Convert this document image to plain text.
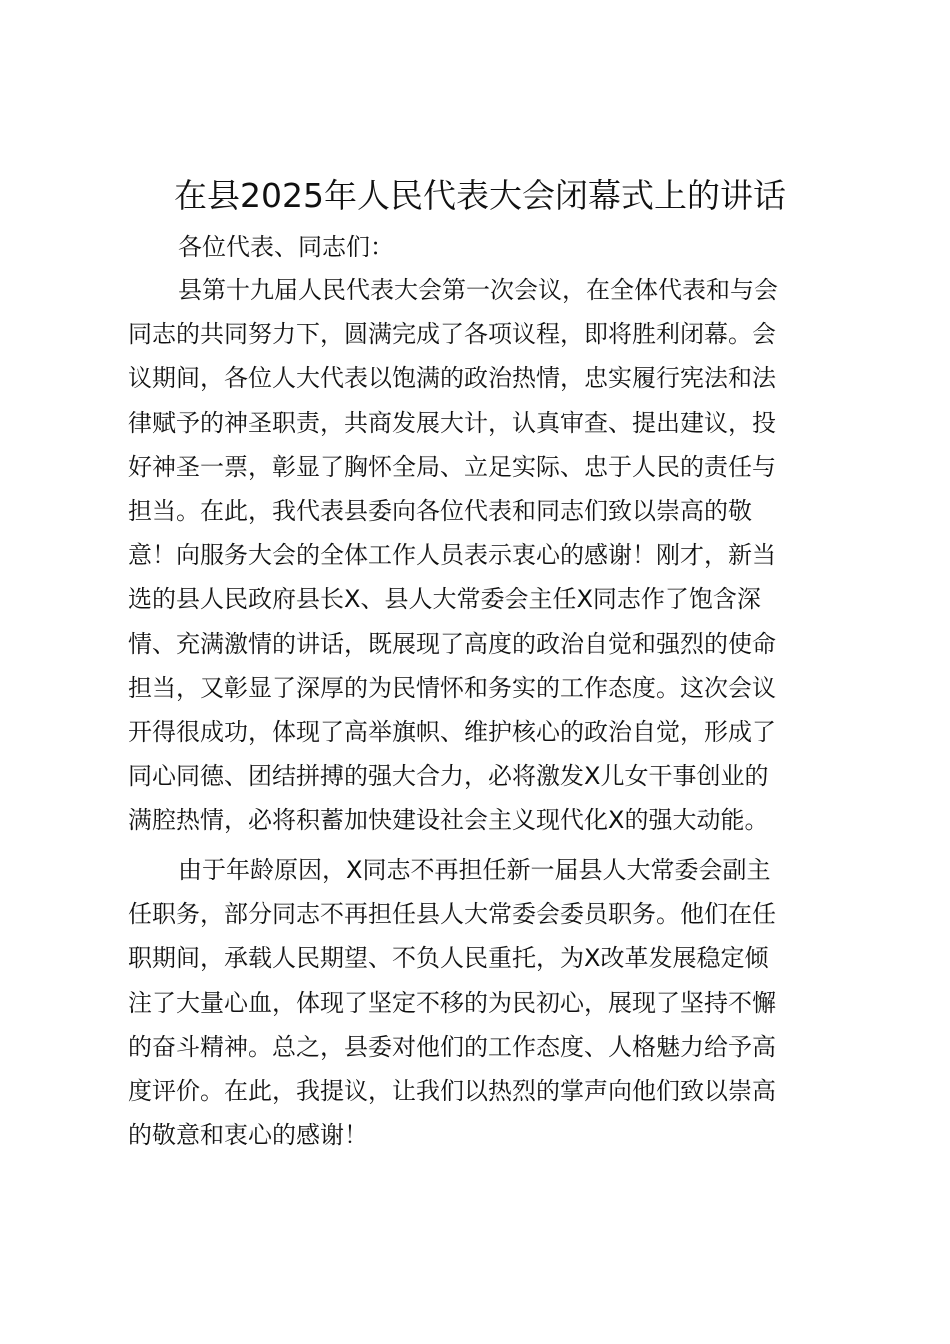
在县2025年人民代表大会闭幕式上的讲话
各位代表、同志们：
县第十九届人民代表大会第一次会议，在全体代表和与会
同志的共同努力下，圆满完成了各项议程，即将胜利闭幕。会
议期间，各位人大代表以饱满的政治热情，忠实履行宪法和法
律赋予的神圣职责，共商发展大计，认真审查、提出建议，投
好神圣一票，彰显了胸怀全局、立足实际、忠于人民的责任与
担当。在此，我代表县委向各位代表和同志们致以崇高的敬
意！向服务大会的全体工作人员表示衷心的感谢！刚才，新当
选的县人民政府县长X、县人大常委会主任X同志作了饱含深
情、充满激情的讲话，既展现了高度的政治自觉和强烈的使命
担当，又彰显了深厚的为民情怀和务实的工作态度。这次会议
开得很成功，体现了高举旗帜、维护核心的政治自觉，形成了
同心同德、团结拼搏的强大合力，必将激发X儿女干事创业的
满腔热情，必将积蓄加快建设社会主义现代化X的强大动能。
由于年龄原因，X同志不再担任新一届县人大常委会副主
任职务，部分同志不再担任县人大常委会委员职务。他们在任
职期间，承载人民期望、不负人民重托，为X改革发展稳定倾
注了大量心血，体现了坚定不移的为民初心，展现了坚持不懈
的奋斗精神。总之，县委对他们的工作态度、人格魅力给予高
度评价。在此，我提议，让我们以热烈的掌声向他们致以崇高
的敬意和衷心的感谢！
